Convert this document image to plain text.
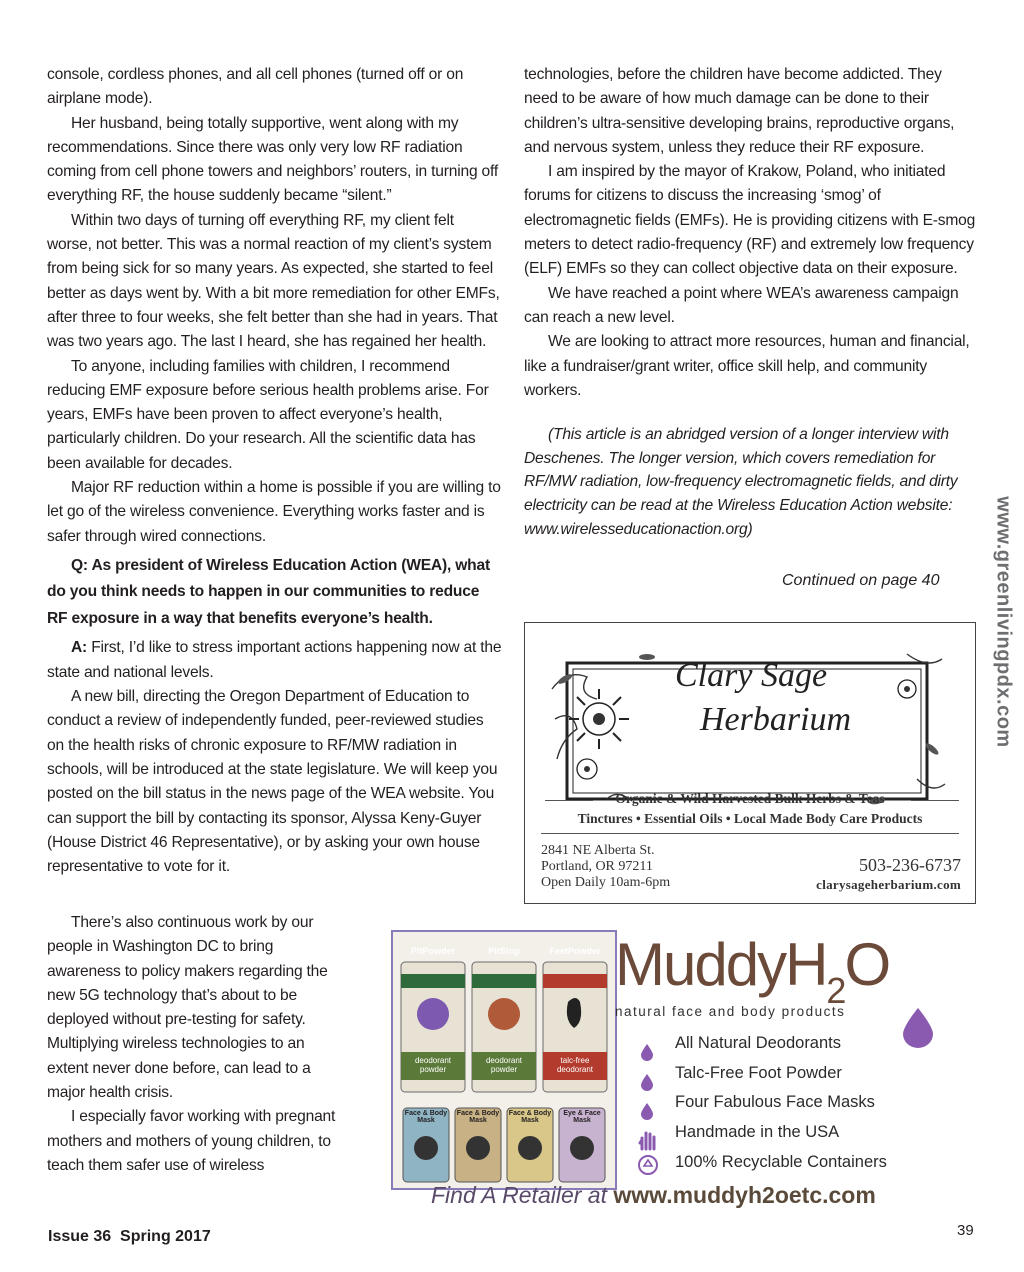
console, cordless phones, and all cell phones (turned off or on airplane mode).

Her husband, being totally supportive, went along with my recommendations. Since there was only very low RF radiation coming from cell phone towers and neighbors’ routers, in turning off everything RF, the house suddenly became “silent.”

Within two days of turning off everything RF, my client felt worse, not better. This was a normal reaction of my client’s system from being sick for so many years. As expected, she started to feel better as days went by. With a bit more remediation for other EMFs, after three to four weeks, she felt better than she had in years. That was two years ago. The last I heard, she has regained her health.

To anyone, including families with children, I recommend reducing EMF exposure before serious health problems arise. For years, EMFs have been proven to affect everyone’s health, particularly children. Do your research. All the scientific data has been available for decades.

Major RF reduction within a home is possible if you are willing to let go of the wireless convenience. Everything works faster and is safer through wired connections.

Q: As president of Wireless Education Action (WEA), what do you think needs to happen in our communities to reduce RF exposure in a way that benefits everyone’s health.

A: First, I’d like to stress important actions happening now at the state and national levels.

A new bill, directing the Oregon Department of Education to conduct a review of independently funded, peer-reviewed studies on the health risks of chronic exposure to RF/MW radiation in schools, will be introduced at the state legislature. We will keep you posted on the bill status in the news page of the WEA website. You can support the bill by contacting its sponsor, Alyssa Keny-Guyer (House District 46 Representative), or by asking your own house representative to vote for it.

There’s also continuous work by our people in Washington DC to bring awareness to policy makers regarding the new 5G technology that’s about to be deployed without pre-testing for safety. Multiplying wireless technologies to an extent never done before, can lead to a major health crisis.

I especially favor working with pregnant mothers and mothers of young children, to teach them safer use of wireless

technologies, before the children have become addicted. They need to be aware of how much damage can be done to their children’s ultra-sensitive developing brains, reproductive organs, and nervous system, unless they reduce their RF exposure.

I am inspired by the mayor of Krakow, Poland, who initiated forums for citizens to discuss the increasing ‘smog’ of electromagnetic fields (EMFs). He is providing citizens with E-smog meters to detect radio-frequency (RF) and extremely low frequency (ELF) EMFs so they can collect objective data on their exposure.

We have reached a point where WEA’s awareness campaign can reach a new level.

We are looking to attract more resources, human and financial, like a fundraiser/grant writer, office skill help, and community workers.

(This article is an abridged version of a longer interview with Deschenes. The longer version, which covers remediation for RF/MW radiation, low-frequency electromagnetic fields, and dirty electricity can be read at the Wireless Education Action website: www.wirelesseducationaction.org)

Continued on page 40	www.greenlivingpdx.com
Clary Sage
Herbarium
Organic & Wild Harvested Bulk Herbs & Teas
Tinctures • Essential Oils • Local Made Body Care Products
2841 NE Alberta St.
Portland, OR 97211
Open Daily 10am-6pm
503-236-6737
clarysageherbarium.com
PitPowder	PitStop	FeetPowder
deodorant powder
deodorant powder
talc-free deodorant
Face & Body Mask
Face & Body Mask
Face & Body Mask
Eye & Face Mask
MuddyH$_2$O
natural face and body products
All Natural Deodorants
Talc-Free Foot Powder
Four Fabulous Face Masks
Handmade in the USA
100% Recyclable Containers
Find A Retailer at www.muddyh2oetc.com
Issue 36  Spring 2017	39
